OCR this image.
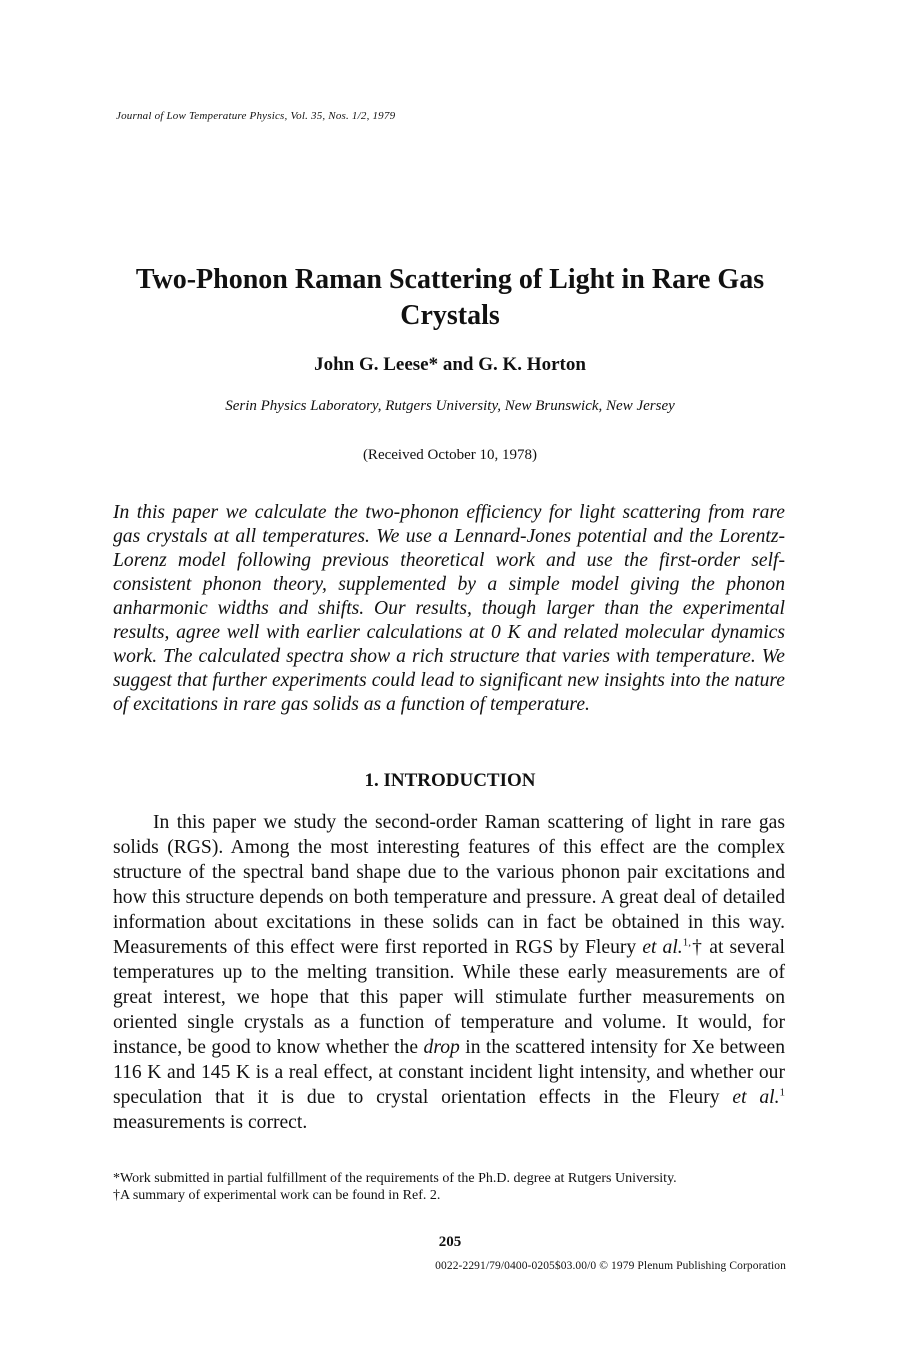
Journal of Low Temperature Physics, Vol. 35, Nos. 1/2, 1979
Two-Phonon Raman Scattering of Light in Rare Gas Crystals
John G. Leese* and G. K. Horton
Serin Physics Laboratory, Rutgers University, New Brunswick, New Jersey
(Received October 10, 1978)

In this paper we calculate the two-phonon efficiency for light scattering from rare gas crystals at all temperatures. We use a Lennard-Jones potential and the Lorentz-Lorenz model following previous theoretical work and use the first-order self-consistent phonon theory, supplemented by a simple model giving the phonon anharmonic widths and shifts. Our results, though larger than the experimental results, agree well with earlier calculations at 0 K and related molecular dynamics work. The calculated spectra show a rich structure that varies with temperature. We suggest that further experiments could lead to significant new insights into the nature of excitations in rare gas solids as a function of temperature.

1. INTRODUCTION

In this paper we study the second-order Raman scattering of light in rare gas solids (RGS). Among the most interesting features of this effect are the complex structure of the spectral band shape due to the various phonon pair excitations and how this structure depends on both temperature and pressure. A great deal of detailed information about excitations in these solids can in fact be obtained in this way. Measurements of this effect were first reported in RGS by Fleury et al.$^{1,}$† at several temperatures up to the melting transition. While these early measurements are of great interest, we hope that this paper will stimulate further measurements on oriented single crystals as a function of temperature and volume. It would, for instance, be good to know whether the drop in the scattered intensity for Xe between 116 K and 145 K is a real effect, at constant incident light intensity, and whether our speculation that it is due to crystal orientation effects in the Fleury et al.$^1$ measurements is correct.

*Work submitted in partial fulfillment of the requirements of the Ph.D. degree at Rutgers University.

†A summary of experimental work can be found in Ref. 2.

205
0022-2291/79/0400-0205$03.00/0 © 1979 Plenum Publishing Corporation
